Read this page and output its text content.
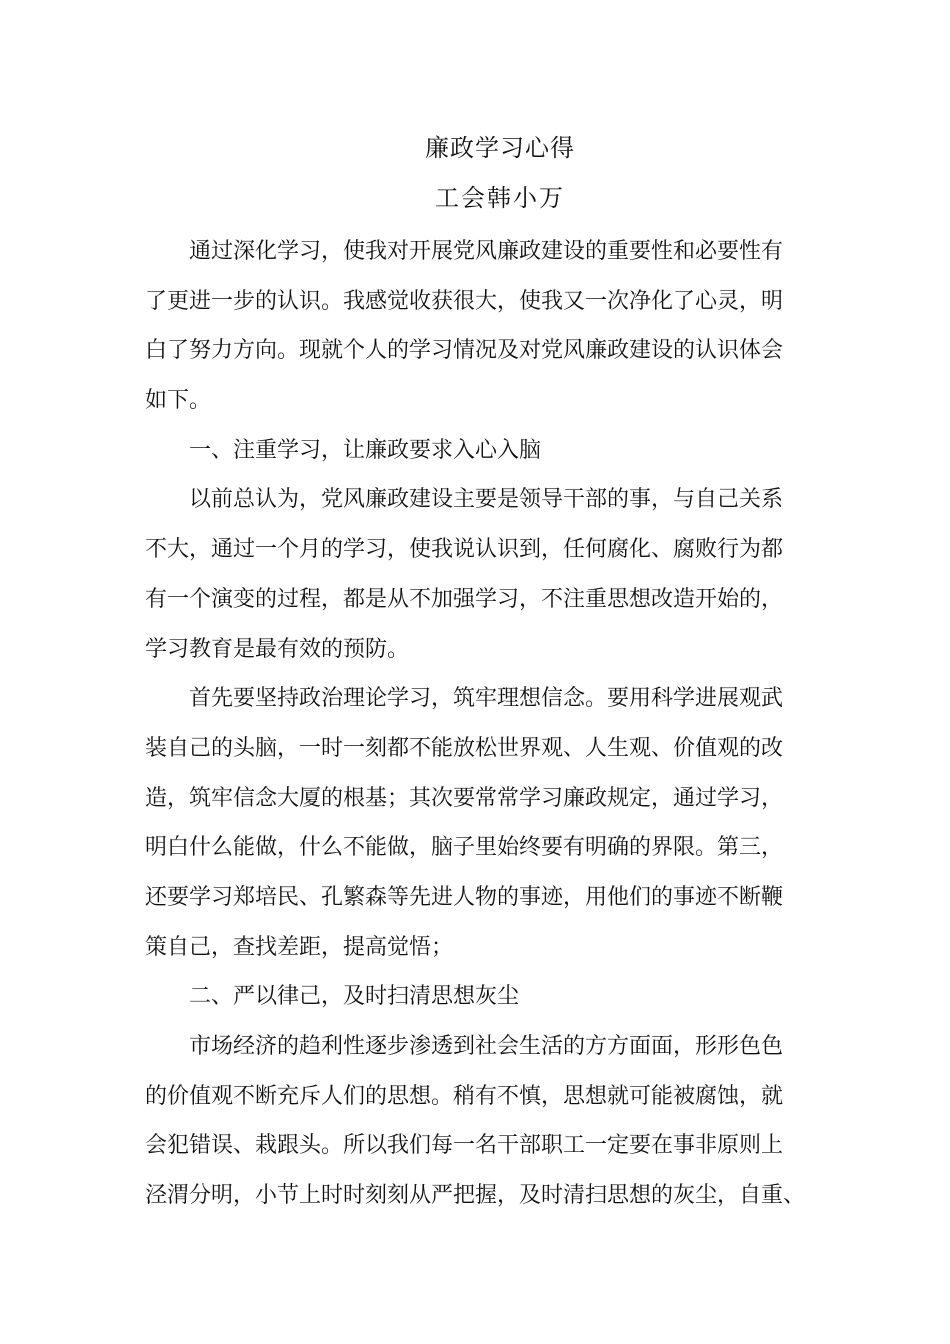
廉政学习心得
工会韩小万
通过深化学习，使我对开展党风廉政建设的重要性和必要性有
了更进一步的认识。我感觉收获很大，使我又一次净化了心灵，明
白了努力方向。现就个人的学习情况及对党风廉政建设的认识体会
如下。
一、注重学习，让廉政要求入心入脑
以前总认为，党风廉政建设主要是领导干部的事，与自己关系
不大，通过一个月的学习，使我说认识到，任何腐化、腐败行为都
有一个演变的过程，都是从不加强学习，不注重思想改造开始的，
学习教育是最有效的预防。
首先要坚持政治理论学习，筑牢理想信念。要用科学进展观武
装自己的头脑，一时一刻都不能放松世界观、人生观、价值观的改
造，筑牢信念大厦的根基；其次要常常学习廉政规定，通过学习，
明白什么能做，什么不能做，脑子里始终要有明确的界限。第三，
还要学习郑培民、孔繁森等先进人物的事迹，用他们的事迹不断鞭
策自己，查找差距，提高觉悟；
二、严以律己，及时扫清思想灰尘
市场经济的趋利性逐步渗透到社会生活的方方面面，形形色色
的价值观不断充斥人们的思想。稍有不慎，思想就可能被腐蚀，就
会犯错误、栽跟头。所以我们每一名干部职工一定要在事非原则上
泾渭分明，小节上时时刻刻从严把握，及时清扫思想的灰尘，自重、
